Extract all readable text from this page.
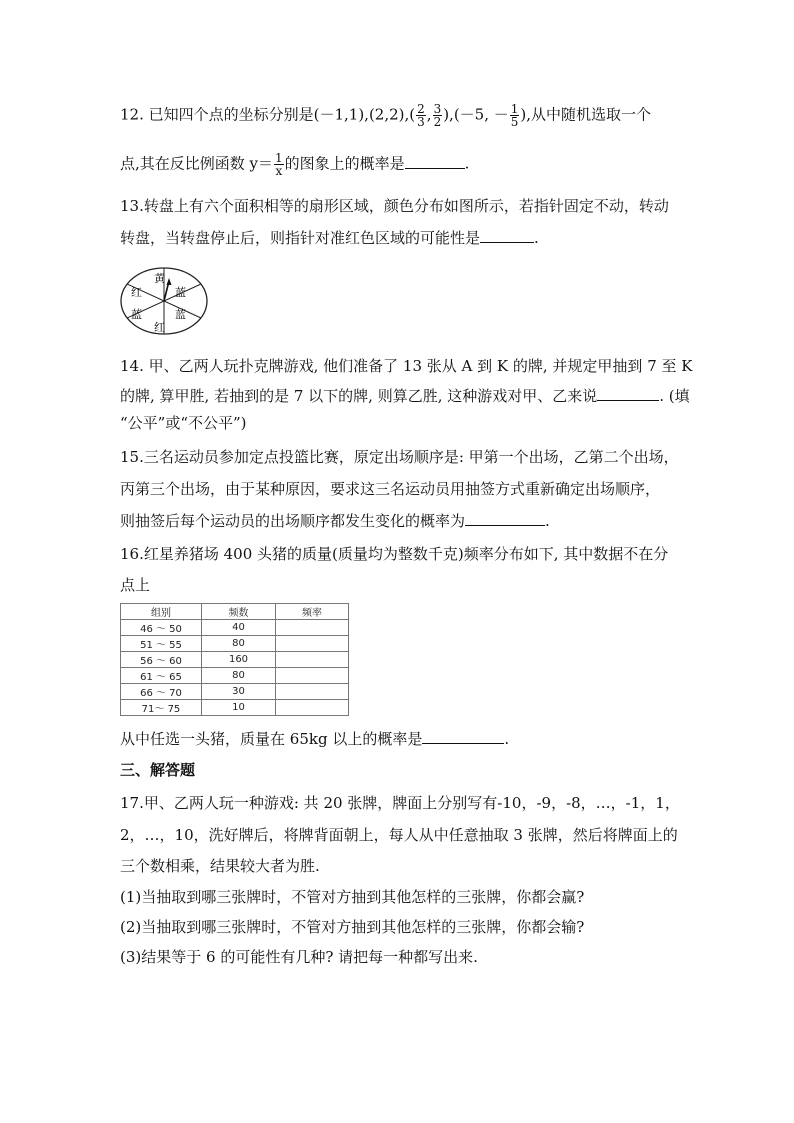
12. 已知四个点的坐标分别是$(-1,1),(2,2),( \frac{2}{3}$ , $\frac{3}{2} ),(-5$, － $\frac{1}{5}$ ),从中随机选取一个
点,其在反比例函数 $y= \frac{1}{x}$ 的图象上的概率是	.
13.转盘上有六个面积相等的扇形区域，颜色分布如图所示，若指针固定不动，转动
转盘，当转盘停止后，则指针对准红色区域的可能性是	.
黄
蓝
蓝
红
蓝
红
14. 甲、乙两人玩扑克牌游戏, 他们准备了 13 张从 A 到 K 的牌, 并规定甲抽到 7 至 K
的牌, 算甲胜, 若抽到的是 7 以下的牌, 则算乙胜, 这种游戏对甲、乙来说	. (填
“公平”或“不公平”)
15.三名运动员参加定点投篮比赛，原定出场顺序是: 甲第一个出场，乙第二个出场，
丙第三个出场，由于某种原因，要求这三名运动员用抽签方式重新确定出场顺序，
则抽签后每个运动员的出场顺序都发生变化的概率为	.
16.红星养猪场 400 头猪的质量(质量均为整数千克)频率分布如下, 其中数据不在分
点上
组别	频数	频率
46 ～ 50	40	
51 ～ 55	80	
56 ～ 60	160	
61 ～ 65	80	
66 ～ 70	30	
71～ 75	10	
从中任选一头猪，质量在 65kg 以上的概率是	.
三、解答题
17.甲、乙两人玩一种游戏: 共 20 张牌，牌面上分别写有-10，-9，-8，…，-1，1，
2，…，10，洗好牌后，将牌背面朝上，每人从中任意抽取 3 张牌，然后将牌面上的
三个数相乘，结果较大者为胜.
(1)当抽取到哪三张牌时，不管对方抽到其他怎样的三张牌，你都会赢?
(2)当抽取到哪三张牌时，不管对方抽到其他怎样的三张牌，你都会输?
(3)结果等于 6 的可能性有几种? 请把每一种都写出来.
